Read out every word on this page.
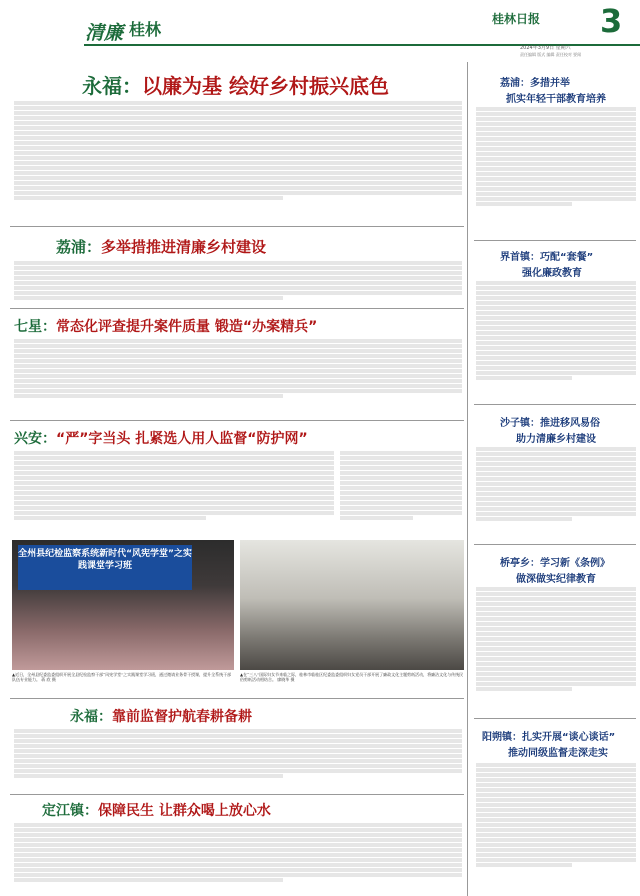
清廉 桂林
桂林日报 3
2024年3月9日 星期六
责任编辑 版式 编辑 责任校对 要闻
永福：以廉为基 绘好乡村振兴底色
荔浦：多举措推进清廉乡村建设
七星：常态化评查提升案件质量 锻造“办案精兵”
兴安：“严”字当头 扎紧选人用人监督“防护网”
全州县纪检监察系统新时代“风宪学堂”之实践课堂学习班
▲近日，全州县纪委监委组织开展全县纪检监察干部“风宪学堂”之实践课堂学习班，通过邀请业务骨干授课，提升全系统干部队伍专业能力。 蒋 欣 摄
▲在“三八”国际妇女节来临之际，桂林市临桂区纪委监委组织妇女党员干部开展了廉政文化主题剪纸活动，将廉洁文化与传统民俗剪纸活动相结合。 廖晓华 摄
永福：靠前监督护航春耕备耕
定江镇：保障民生 让群众喝上放心水
荔浦：多措并举
抓实年轻干部教育培养
界首镇：巧配“套餐”
强化廉政教育
沙子镇：推进移风易俗
助力清廉乡村建设
桥亭乡：学习新《条例》
做深做实纪律教育
阳朔镇：扎实开展“谈心谈话”
推动同级监督走深走实
